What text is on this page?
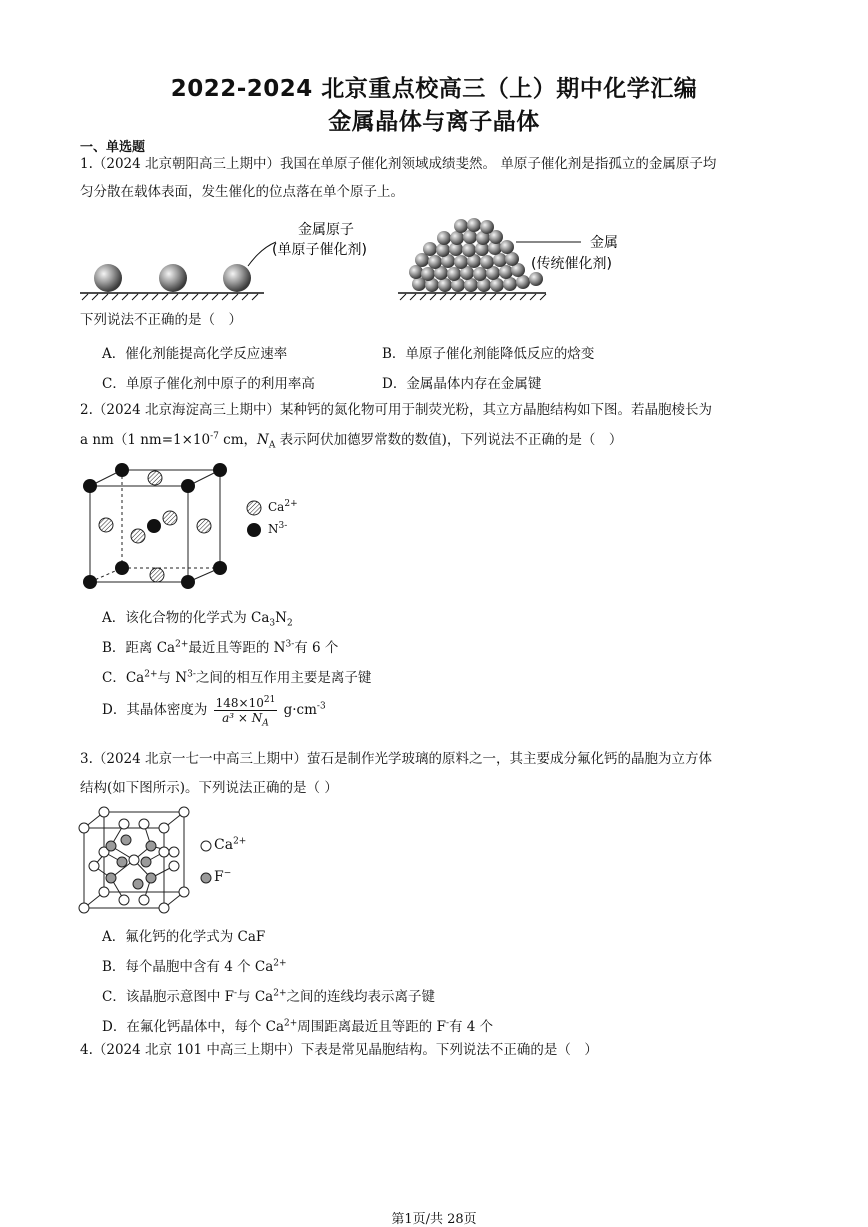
2022-2024 北京重点校高三（上）期中化学汇编
金属晶体与离子晶体
一、单选题
1.（2024 北京朝阳高三上期中）我国在单原子催化剂领域成绩斐然。 单原子催化剂是指孤立的金属原子均
匀分散在载体表面，发生催化的位点落在单个原子上。
金属原子
(单原子催化剂)	金属
(传统催化剂)
下列说法不正确的是（　）
A．催化剂能提高化学反应速率	B．单原子催化剂能降低反应的焓变
C．单原子催化剂中原子的利用率高	D．金属晶体内存在金属键
2.（2024 北京海淀高三上期中）某种钙的氮化物可用于制荧光粉，其立方晶胞结构如下图。若晶胞棱长为
a nm（1 $nm=1\times 10^{-7}$ cm，$N_A$ 表示阿伏加德罗常数的数值)，下列说法不正确的是（　）
$Ca^{2+}$
$N^{3-}$
A．该化合物的化学式为 $Ca_3N_2$
B．距离 $Ca^{2+}$最近且等距的 $N^{3-}$有 6 个
C．$Ca^{2+}$与 $N^{3-}$之间的相互作用主要是离子键
D．其晶体密度为 $\frac{148\times 10^{21}}{a^3 \times N_A} g\cdot cm^{-3}$
3.（2024 北京一七一中高三上期中）萤石是制作光学玻璃的原料之一，其主要成分氟化钙的晶胞为立方体
结构(如下图所示)。下列说法正确的是（ ）
$Ca^{2+}$
F−
A．氟化钙的化学式为 CaF
B．每个晶胞中含有 4 个 $Ca^{2+}$
C．该晶胞示意图中 F-与 $Ca^{2+}$之间的连线均表示离子键
D．在氟化钙晶体中，每个 $Ca^{2+}$周围距离最近且等距的 F-有 4 个
4.（2024 北京 101 中高三上期中）下表是常见晶胞结构。下列说法不正确的是（　）
第1页/共 28页
